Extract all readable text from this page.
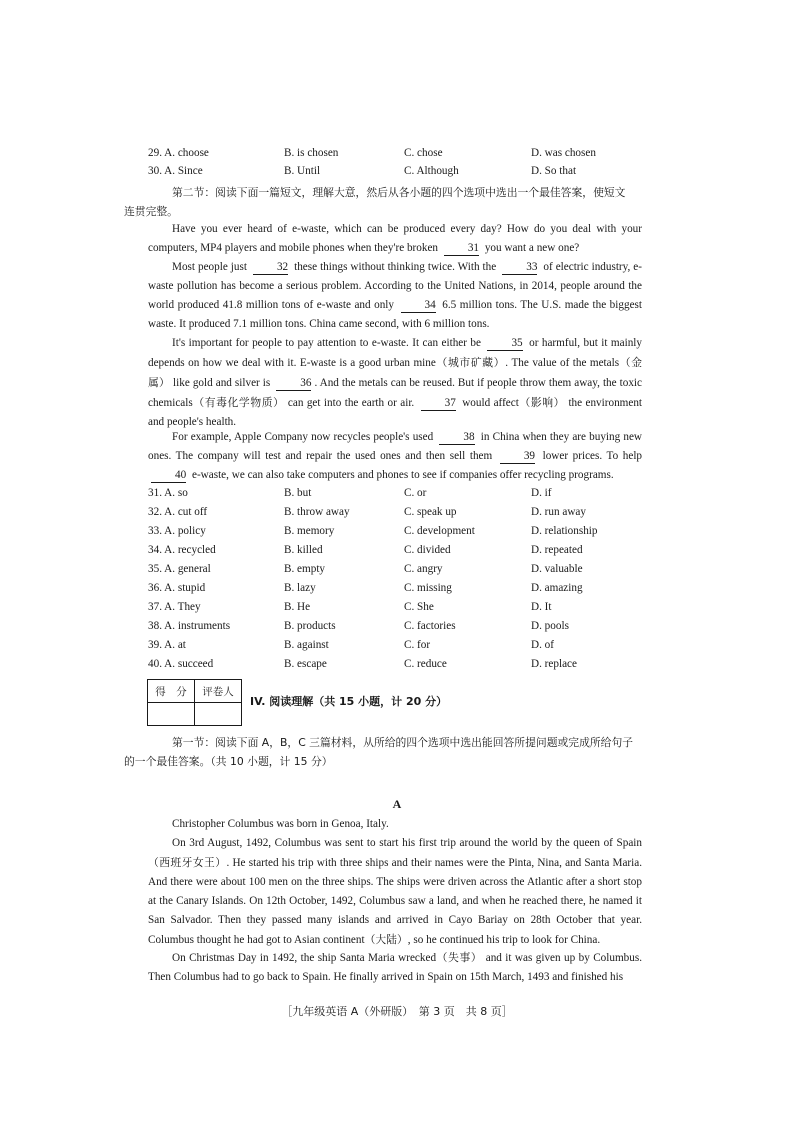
29. A. choose	B. is chosen	C. chose	D. was chosen
30. A. Since	B. Until	C. Although	D. So that
第二节：阅读下面一篇短文，理解大意，然后从各小题的四个选项中选出一个最佳答案，使短文
连贯完整。
Have you ever heard of e-waste, which can be produced every day? How do you deal with your computers, MP4 players and mobile phones when they're broken	31 you want a new one?
Most people just	32 these things without thinking twice. With the	33 of electric industry, e-waste pollution has become a serious problem. According to the United Nations, in 2014, people around the world produced 41.8 million tons of e-waste and only	34 6.5 million tons. The U.S. made the biggest waste. It produced 7.1 million tons. China came second, with 6 million tons.
It's important for people to pay attention to e-waste. It can either be	35 or harmful, but it mainly depends on how we deal with it. E-waste is a good urban mine（城市矿藏）. The value of the metals（金属） like gold and silver is	36 . And the metals can be reused. But if people throw them away, the toxic chemicals（有毒化学物质） can get into the earth or air.	37 would affect（影响） the environment and people's health.
For example, Apple Company now recycles people's used	38 in China when they are buying new ones. The company will test and repair the used ones and then sell them	39 lower prices. To help 40 e-waste, we can also take computers and phones to see if companies offer recycling programs.
31. A. so	B. but	C. or	D. if
32. A. cut off	B. throw away	C. speak up	D. run away
33. A. policy	B. memory	C. development	D. relationship
34. A. recycled	B. killed	C. divided	D. repeated
35. A. general	B. empty	C. angry	D. valuable
36. A. stupid	B. lazy	C. missing	D. amazing
37. A. They	B. He	C. She	D. It
38. A. instruments	B. products	C. factories	D. pools
39. A. at	B. against	C. for	D. of
40. A. succeed	B. escape	C. reduce	D. replace
得　分	评卷人

IV. 阅读理解（共 15 小题，计 20 分）
第一节：阅读下面 A，B，C 三篇材料，从所给的四个选项中选出能回答所提问题或完成所给句子
的一个最佳答案。（共 10 小题，计 15 分）
A
Christopher Columbus was born in Genoa, Italy.
On 3rd August, 1492, Columbus was sent to start his first trip around the world by the queen of Spain（西班牙女王）. He started his trip with three ships and their names were the Pinta, Nina, and Santa Maria. And there were about 100 men on the three ships. The ships were driven across the Atlantic after a short stop at the Canary Islands. On 12th October, 1492, Columbus saw a land, and when he reached there, he named it San Salvador. Then they passed many islands and arrived in Cayo Bariay on 28th October that year. Columbus thought he had got to Asian continent（大陆）, so he continued his trip to look for China.
On Christmas Day in 1492, the ship Santa Maria wrecked（失事） and it was given up by Columbus. Then Columbus had to go back to Spain. He finally arrived in Spain on 15th March, 1493 and finished his
［九年级英语 A（外研版）　第 3 页　共 8 页］
